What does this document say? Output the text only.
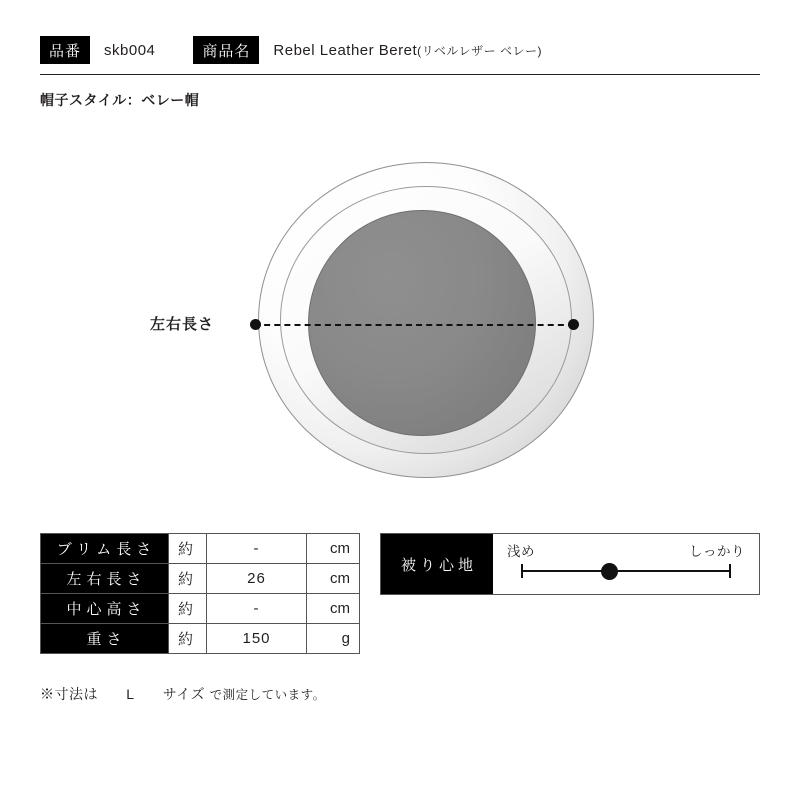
品番	skb004	商品名	Rebel Leather Beret (リベルレザー ベレー)
帽子スタイル：ベレー帽
左右長さ
ブリム長さ	約	-	cm
左右長さ	約	26	cm
中心高さ	約	-	cm
重さ	約	150	g
※寸法は L サイズ で測定しています。
被り心地
浅め	しっかり
